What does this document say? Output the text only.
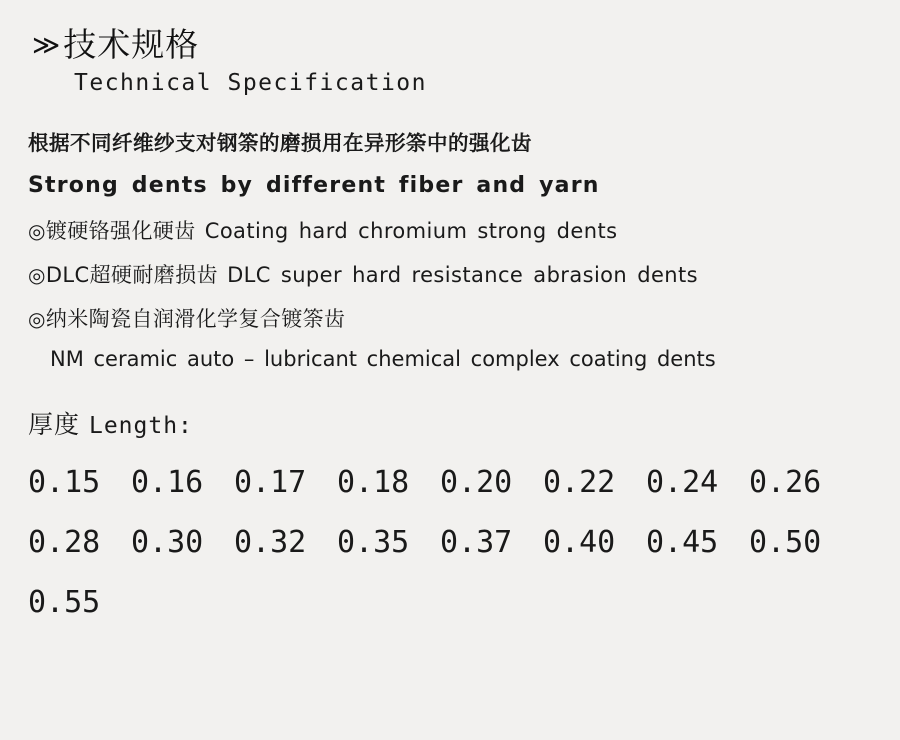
≫技术规格
Technical Specification
根据不同纤维纱支对钢筡的磨损用在异形筡中的强化齿
Strong dents by different fiber and yarn
◎镀硬铬强化硬齿 Coating hard chromium strong dents
◎DLC超硬耐磨损齿 DLC super hard resistance abrasion dents
◎纳米陶瓷自润滑化学复合镀筡齿
NM ceramic auto – lubricant chemical complex coating dents
厚度 Length:
0.15	0.16	0.17	0.18	0.20	0.22	0.24	0.26
0.28	0.30	0.32	0.35	0.37	0.40	0.45	0.50
0.55
